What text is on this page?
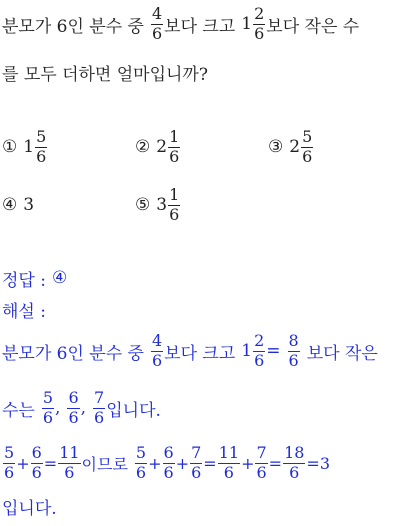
분모가 6인 분수 중 $\frac{4}{6}$ 보다 크고 $1 \frac{2}{6}$ 보다 작은 수
를 모두 더하면 얼마입니까?
① $1 \frac{5}{6}$	② $2 \frac{1}{6}$	③ $2 \frac{5}{6}$
④ 3	⑤ $3 \frac{1}{6}$
정답 : ④
해설 :
분모가 6인 분수 중 $\frac{4}{6}$ 보다 크고 $1 \frac{2}{6} = \frac{8}{6}$ 보다 작은
수는 $\frac{5}{6}$ , $\frac{6}{6}$ , $\frac{7}{6}$ 입니다.
$\frac{5}{6} + \frac{6}{6} = \frac{11}{6}$ 이므로 $\frac{5}{6} + \frac{6}{6} + \frac{7}{6} = \frac{11}{6} + \frac{7}{6} = \frac{18}{6} = 3$
입니다.
